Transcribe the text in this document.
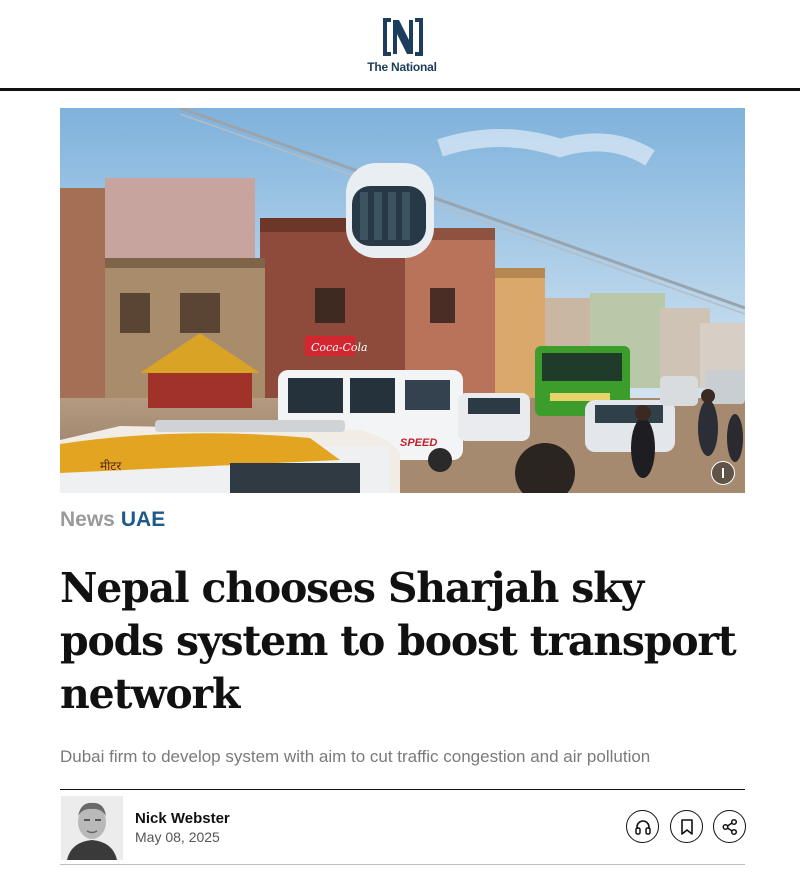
The National
Coca-Cola
SPEED
मीटर
News UAE
Nepal chooses Sharjah sky pods system to boost transport network

Dubai firm to develop system with aim to cut traffic congestion and air pollution

Nick Webster
May 08, 2025
